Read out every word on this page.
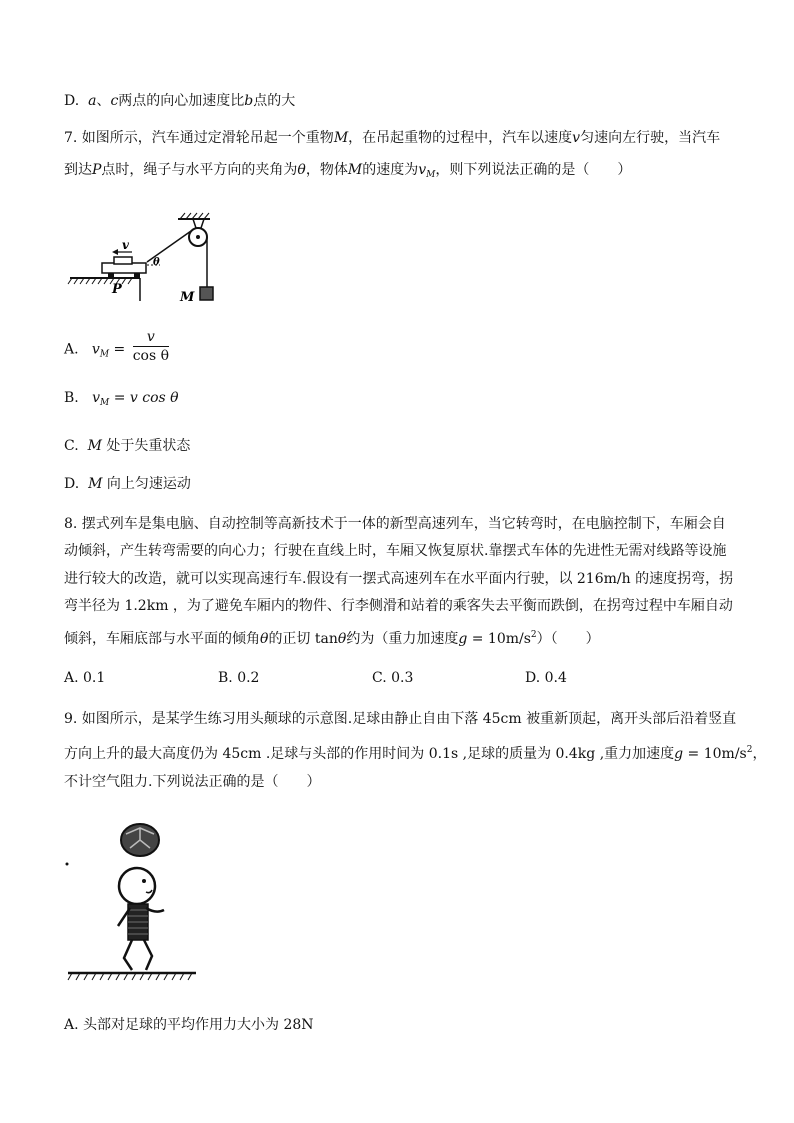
D. a、c两点的向心加速度比b点的大
7. 如图所示，汽车通过定滑轮吊起一个重物M，在吊起重物的过程中，汽车以速度v匀速向左行驶，当汽车
到达P点时，绳子与水平方向的夹角为θ，物体M的速度为$v_M$，则下列说法正确的是（　　）
v
θ
P
M
A. $v_M = \frac{v}{\text{cos θ}}$
B. $v_M = v$ cos θ
C. M 处于失重状态
D. M 向上匀速运动
8. 摆式列车是集电脑、自动控制等高新技术于一体的新型高速列车，当它转弯时，在电脑控制下，车厢会自
动倾斜，产生转弯需要的向心力；行驶在直线上时，车厢又恢复原状.靠摆式车体的先进性无需对线路等设施
进行较大的改造，就可以实现高速行车.假设有一摆式高速列车在水平面内行驶，以 216m/h 的速度拐弯，拐
弯半径为 1.2km ，为了避免车厢内的物件、行李侧滑和站着的乘客失去平衡而跌倒，在拐弯过程中车厢自动
倾斜，车厢底部与水平面的倾角θ的正切 tanθ约为（重力加速度$g = 10m/s^2$）（　　）
A. 0.1	B. 0.2	C. 0.3	D. 0.4
9. 如图所示，是某学生练习用头颠球的示意图.足球由静止自由下落 45cm 被重新顶起，离开头部后沿着竖直
方向上升的最大高度仍为 45cm .足球与头部的作用时间为 0.1s ,足球的质量为 0.4kg ,重力加速度$g = 10m/s^2$，
不计空气阻力.下列说法正确的是（　　）
A. 头部对足球的平均作用力大小为 28N
